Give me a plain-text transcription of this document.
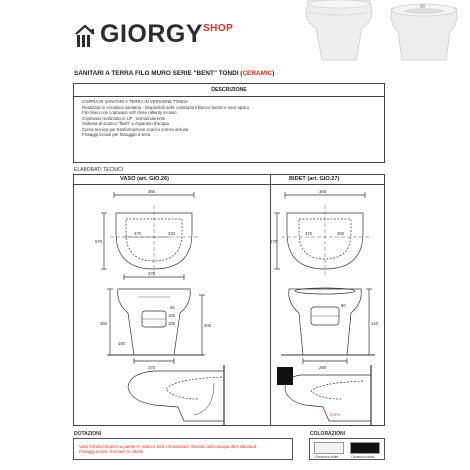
GIORGY SHOP
SANITARI A TERRA FILO MURO SERIE "BENT" TONDI (CERAMIC)
DESCRIZIONE
COPPIA DI SANITARI A TERRA IN VERSIONE TONDA
Realizzati in ceramica sanitaria - Disponibili nelle colorazioni bianco lucido e nero opaco
Filo Muro con coprivaso soft close rallenty incluso
Coprivaso realizzato in UF - termoindurente
Sistema di scarico "flush" a risparmio d'acqua
Curva tecnica per trasformazione scarico a terra inclusa
Fissaggi inclusi per fissaggio a terra
ELABORATI TECNICI
VASO (art. GIO.26)	BIDET (art. GIO.27)
365
570
470	340
370
55
150
155
355	400
180
275
365
570
470	360
80
410
280
JTVPV
DOTAZIONI	COLORAZIONI
Vaso fornito c/scarico a parete H. scarico 18.5 cm standard. Altezza carico acqua 35.5 standard.
Fissaggi inclusi. Cerniere in ottone.
Ceramica white	Ceramica black
